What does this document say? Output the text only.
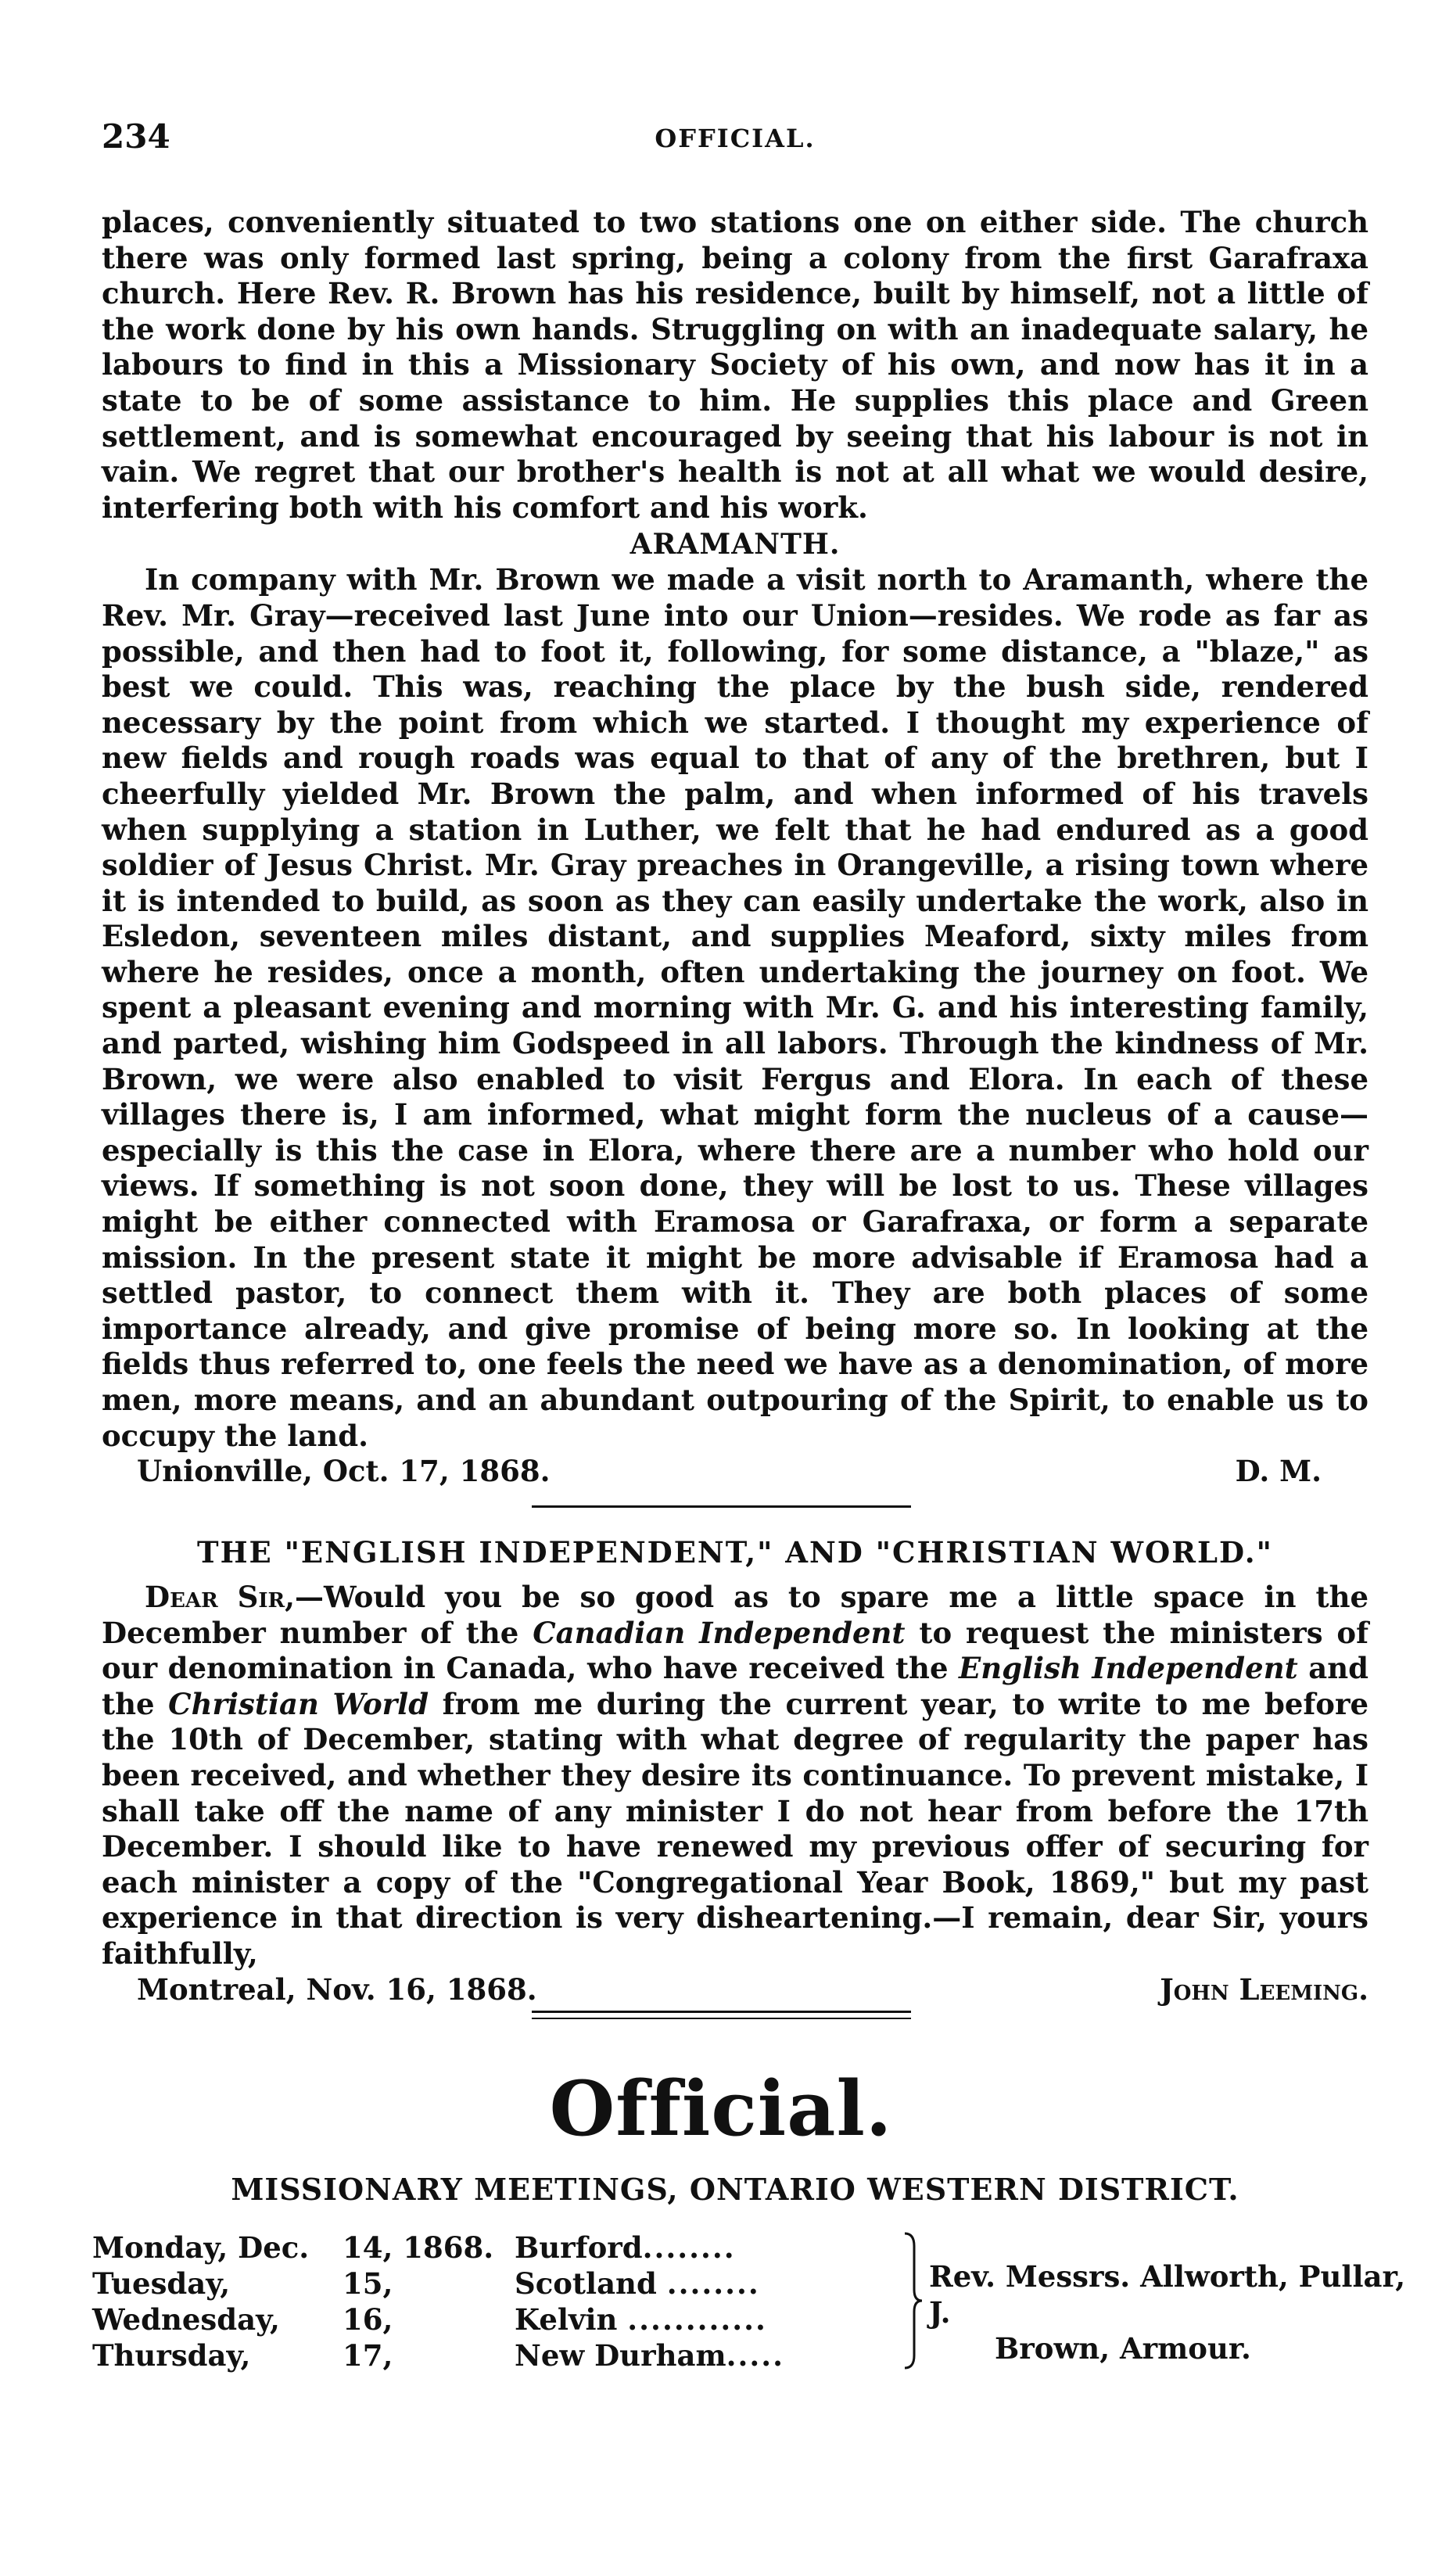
234	OFFICIAL.

places, conveniently situated to two stations one on either side. The church there was only formed last spring, being a colony from the first Garafraxa church. Here Rev. R. Brown has his residence, built by himself, not a little of the work done by his own hands. Struggling on with an inadequate salary, he labours to find in this a Missionary Society of his own, and now has it in a state to be of some assistance to him. He supplies this place and Green settlement, and is somewhat encouraged by seeing that his labour is not in vain. We regret that our brother's health is not at all what we would desire, interfering both with his comfort and his work.

ARAMANTH.

In company with Mr. Brown we made a visit north to Aramanth, where the Rev. Mr. Gray—received last June into our Union—resides. We rode as far as possible, and then had to foot it, following, for some distance, a "blaze," as best we could. This was, reaching the place by the bush side, rendered necessary by the point from which we started. I thought my experience of new fields and rough roads was equal to that of any of the brethren, but I cheerfully yielded Mr. Brown the palm, and when informed of his travels when supplying a station in Luther, we felt that he had endured as a good soldier of Jesus Christ. Mr. Gray preaches in Orangeville, a rising town where it is intended to build, as soon as they can easily undertake the work, also in Esledon, seventeen miles distant, and supplies Meaford, sixty miles from where he resides, once a month, often undertaking the journey on foot. We spent a pleasant evening and morning with Mr. G. and his interesting family, and parted, wishing him Godspeed in all labors. Through the kindness of Mr. Brown, we were also enabled to visit Fergus and Elora. In each of these villages there is, I am informed, what might form the nucleus of a cause—especially is this the case in Elora, where there are a number who hold our views. If something is not soon done, they will be lost to us. These villages might be either connected with Eramosa or Garafraxa, or form a separate mission. In the present state it might be more advisable if Eramosa had a settled pastor, to connect them with it. They are both places of some importance already, and give promise of being more so. In looking at the fields thus referred to, one feels the need we have as a denomination, of more men, more means, and an abundant outpouring of the Spirit, to enable us to occupy the land.

Unionville, Oct. 17, 1868.	D. M.
THE "ENGLISH INDEPENDENT," AND "CHRISTIAN WORLD."

Dear Sir,—Would you be so good as to spare me a little space in the December number of the Canadian Independent to request the ministers of our denomination in Canada, who have received the English Independent and the Christian World from me during the current year, to write to me before the 10th of December, stating with what degree of regularity the paper has been received, and whether they desire its continuance. To prevent mistake, I shall take off the name of any minister I do not hear from before the 17th December. I should like to have renewed my previous offer of securing for each minister a copy of the "Congregational Year Book, 1869," but my past experience in that direction is very disheartening.—I remain, dear Sir, yours faithfully,

Montreal, Nov. 16, 1868.	John Leeming.
Official.
MISSIONARY MEETINGS, ONTARIO WESTERN DISTRICT.
Monday, Dec. 14, 1868. Burford........
Tuesday,	15,	Scotland ........
Wednesday, 16,	Kelvin ............
Thursday,	17,	New Durham.....
Rev. Messrs. Allworth, Pullar, J.
Brown, Armour.
